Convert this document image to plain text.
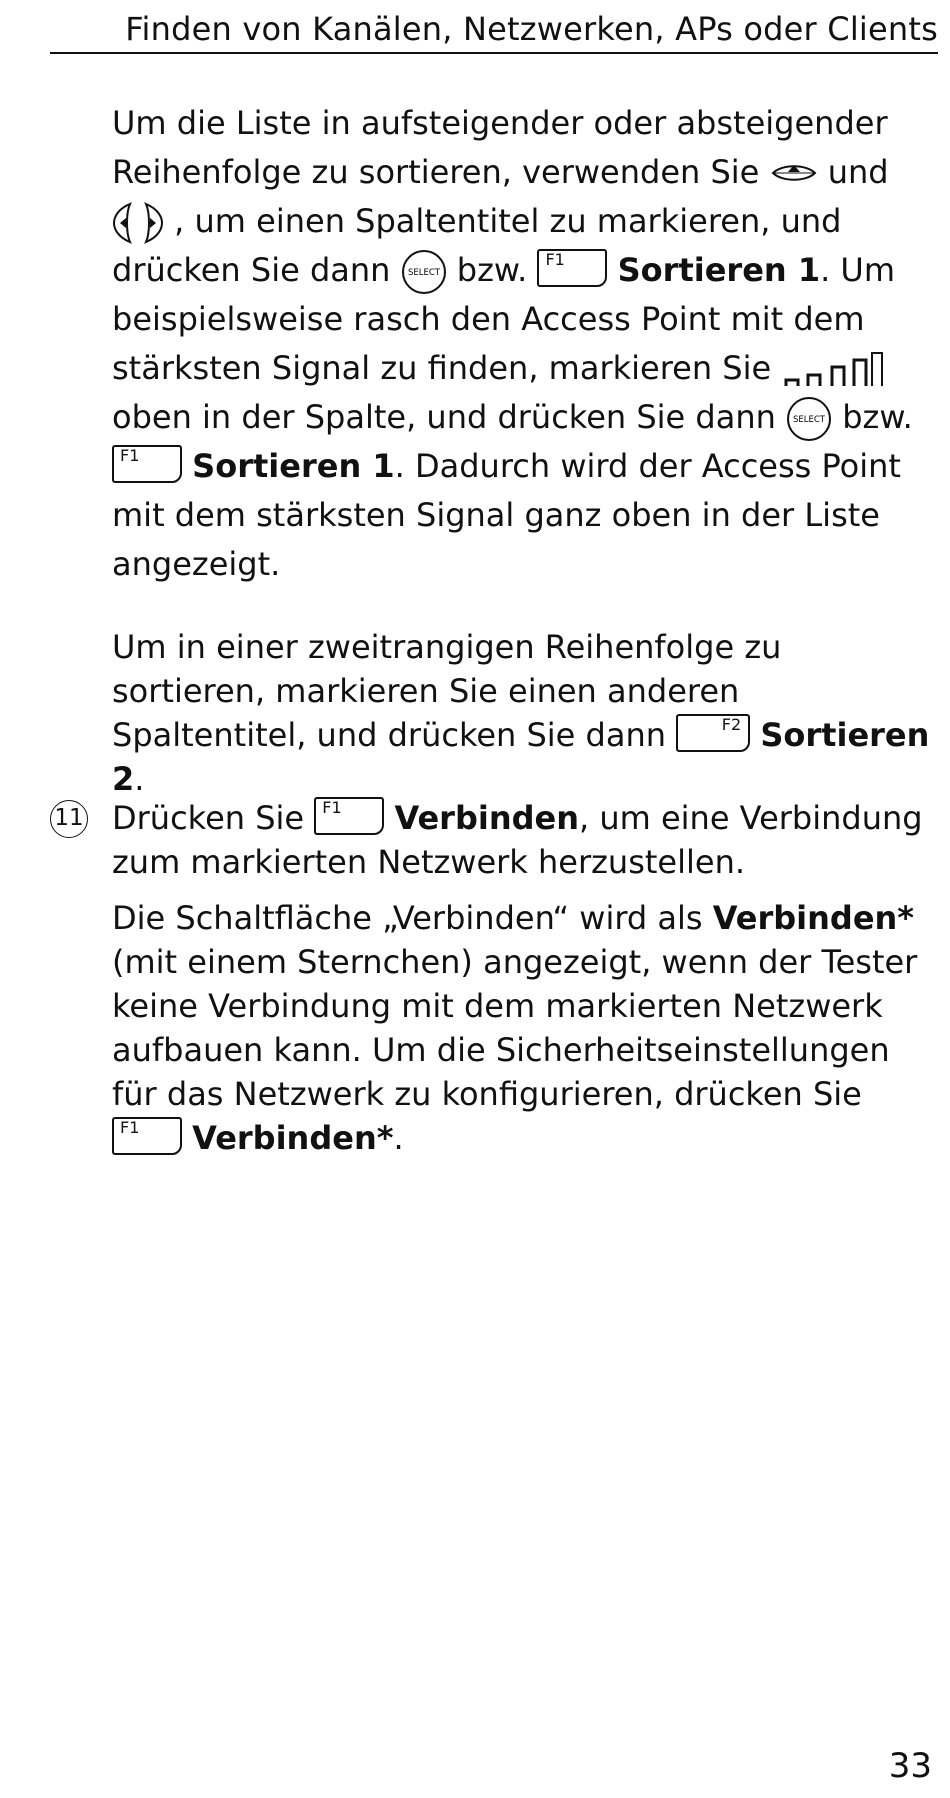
Finden von Kanälen, Netzwerken, APs oder Clients

Um die Liste in aufsteigender oder absteigender Reihenfolge zu sortieren, verwenden Sie  und  , um einen Spaltentitel zu markieren, und drücken Sie dann SELECT bzw. F1 Sortieren 1. Um beispielsweise rasch den Access Point mit dem stärksten Signal zu finden, markieren Sie  oben in der Spalte, und drücken Sie dann SELECT bzw.
F1 Sortieren 1. Dadurch wird der Access Point mit dem stärksten Signal ganz oben in der Liste angezeigt.

Um in einer zweitrangigen Reihenfolge zu sortieren, markieren Sie einen anderen Spaltentitel, und drücken Sie dann	F2 Sortieren 2.

11 Drücken Sie F1 Verbinden, um eine Verbindung zum markierten Netzwerk herzustellen.

Die Schaltfläche „Verbinden“ wird als Verbinden* (mit einem Sternchen) angezeigt, wenn der Tester keine Verbindung mit dem markierten Netzwerk aufbauen kann. Um die Sicherheitseinstellungen für das Netzwerk zu konfigurieren, drücken Sie
F1 Verbinden*.

33
